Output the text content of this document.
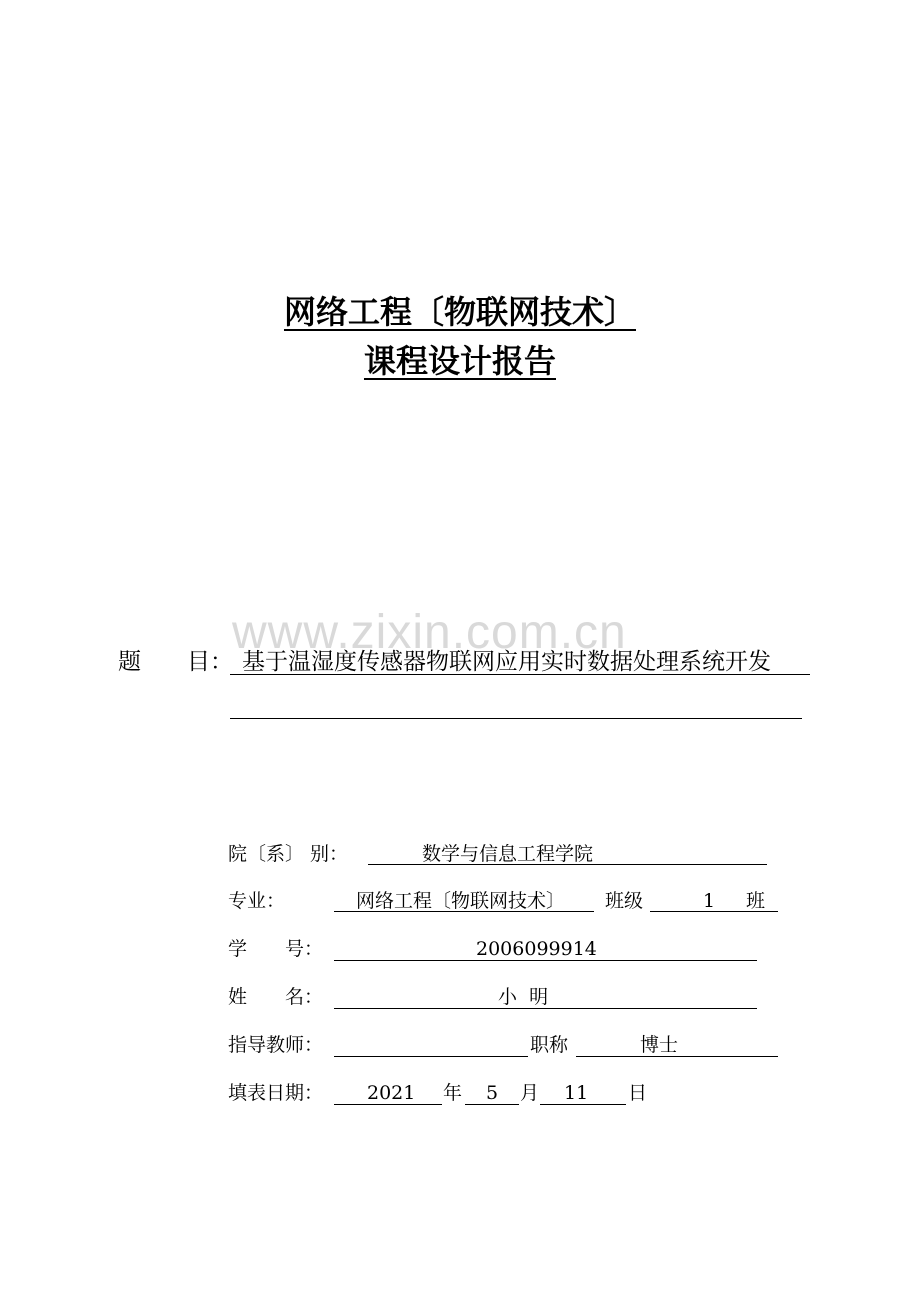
网络工程〔物联网技术〕
课程设计报告
www.zixin.com.cn
题　　目： 基于温湿度传感器物联网应用实时数据处理系统开发
院〔系〕 别：	数学与信息工程学院
专业：	网络工程〔物联网技术〕 班级	1 班
学　　号：	2006099914
姓　　名：	小  明
指导教师：	职称	博士
填表日期： 2021 年 5 月 11 日
